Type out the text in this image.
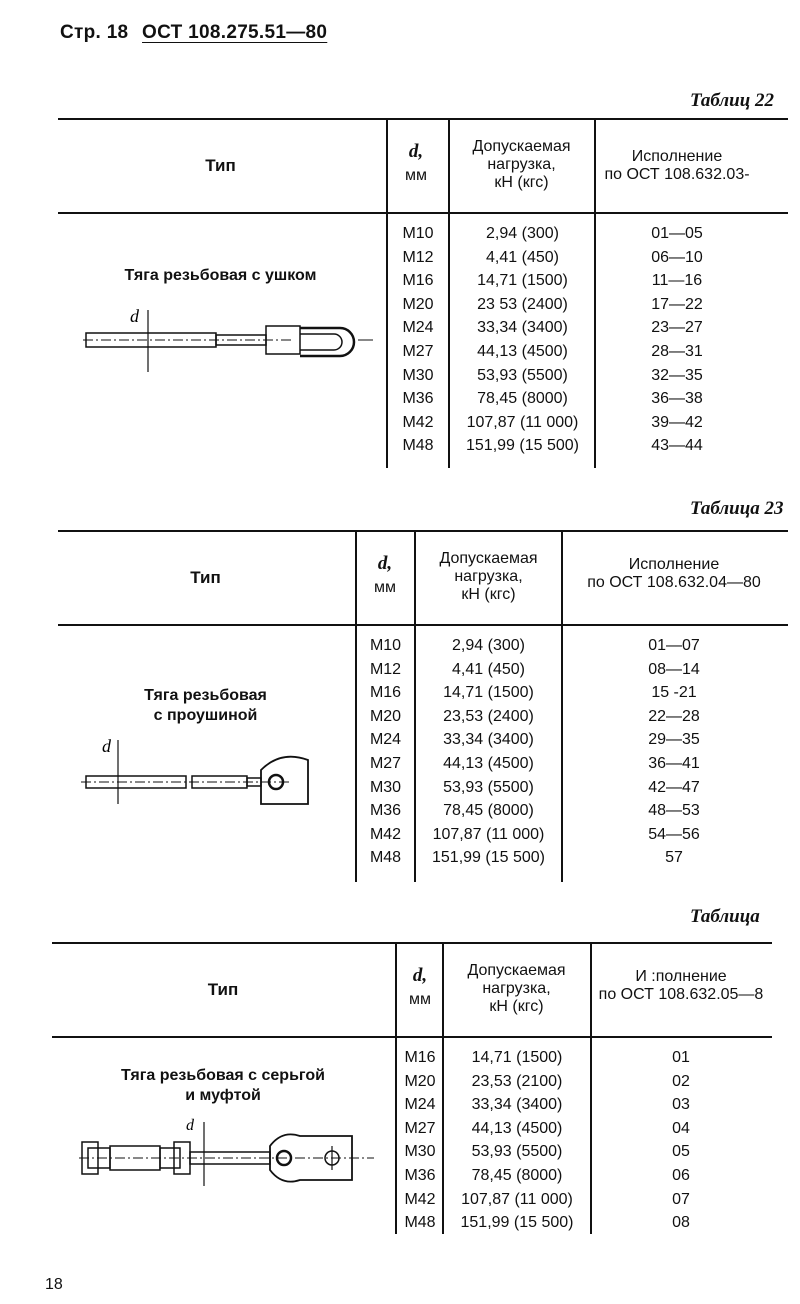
Стр. 18 ОСТ 108.275.51—80
Таблиц 22
Тип
d,
мм
Допускаемая
нагрузка,
кН (кгс)
Исполнение
по ОСТ 108.632.03-
Тяга резьбовая с ушком
d
М10
М12
М16
М20
М24
М27
М30
М36
М42
М48
2,94 (300)
4,41 (450)
14,71 (1500)
23 53 (2400)
33,34 (3400)
44,13 (4500)
53,93 (5500)
78,45 (8000)
107,87 (11 000)
151,99 (15 500)
01—05
06—10
11—16
17—22
23—27
28—31
32—35
36—38
39—42
43—44
Таблица 23
Тип
d,
мм
Допускаемая
нагрузка,
кН (кгс)
Исполнение
по ОСТ 108.632.04—80
Тяга резьбовая
с проушиной
d
М10
М12
М16
М20
М24
М27
М30
М36
М42
М48
2,94 (300)
4,41 (450)
14,71 (1500)
23,53 (2400)
33,34 (3400)
44,13 (4500)
53,93 (5500)
78,45 (8000)
107,87 (11 000)
151,99 (15 500)
01—07
08—14
15 -21
22—28
29—35
36—41
42—47
48—53
54—56
57
Таблица
Тип
d,
мм
Допускаемая
нагрузка,
кН (кгс)
И :полнение
по ОСТ 108.632.05—8
Тяга резьбовая с серьгой
и муфтой
d
М16
М20
М24
М27
М30
М36
М42
М48
14,71 (1500)
23,53 (2100)
33,34 (3400)
44,13 (4500)
53,93 (5500)
78,45 (8000)
107,87 (11 000)
151,99 (15 500)
01
02
03
04
05
06
07
08
18
